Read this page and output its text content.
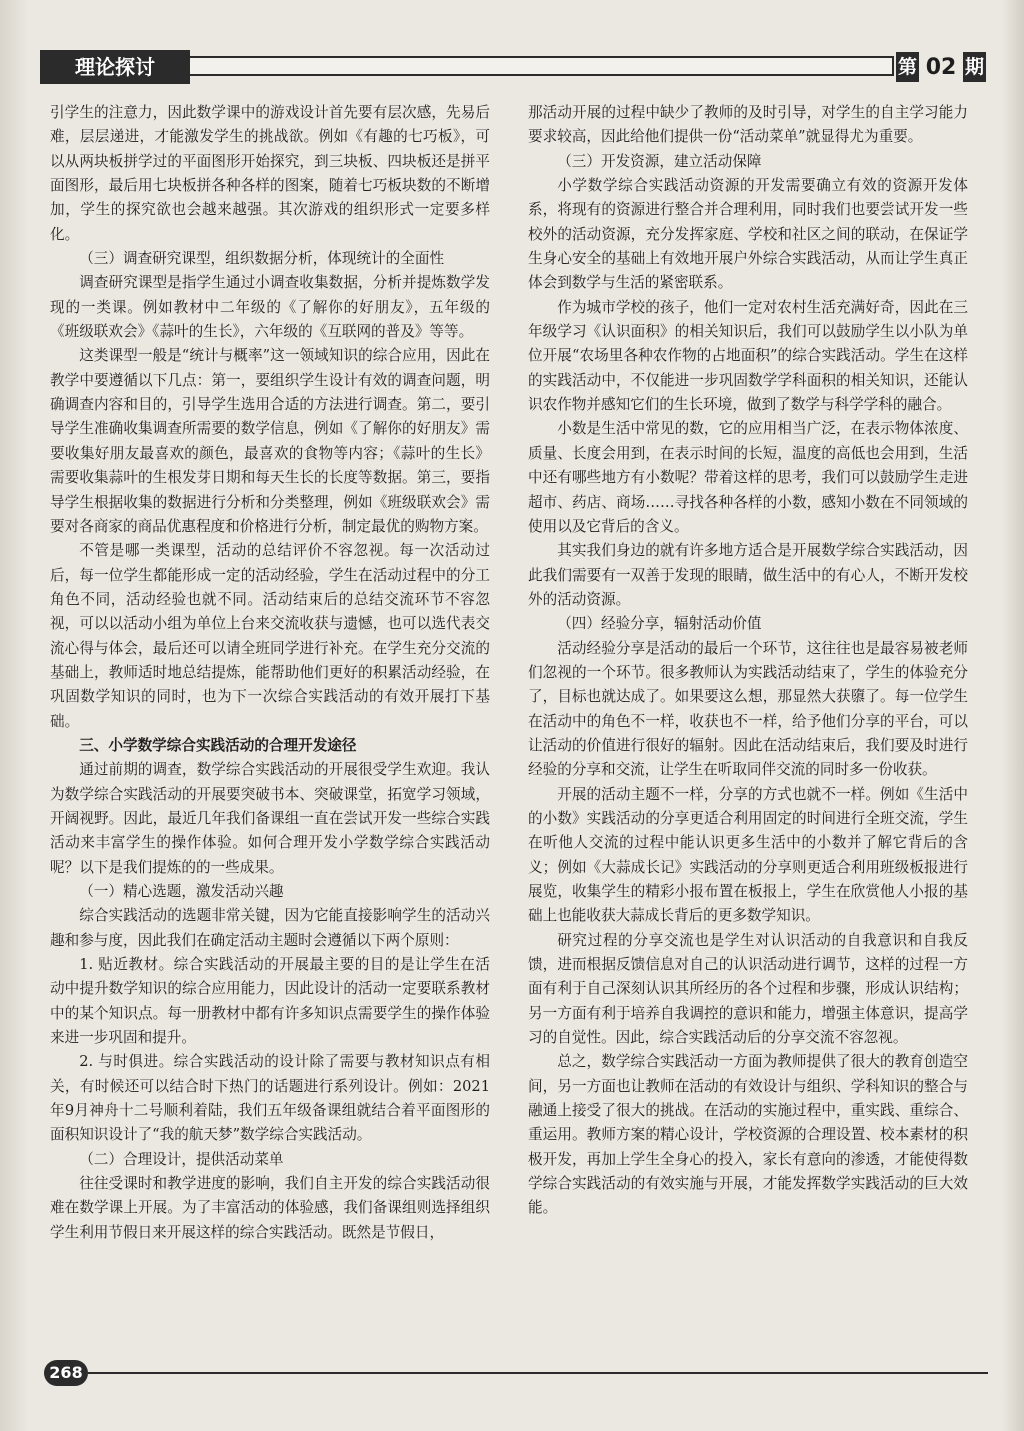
理论探讨	第 02 期

引学生的注意力，因此数学课中的游戏设计首先要有层次感，先易后难，层层递进，才能激发学生的挑战欲。例如《有趣的七巧板》，可以从两块板拼学过的平面图形开始探究，到三块板、四块板还是拼平面图形，最后用七块板拼各种各样的图案，随着七巧板块数的不断增加，学生的探究欲也会越来越强。其次游戏的组织形式一定要多样化。

（三）调查研究课型，组织数据分析，体现统计的全面性

调查研究课型是指学生通过小调查收集数据，分析并提炼数学发现的一类课。例如教材中二年级的《了解你的好朋友》，五年级的《班级联欢会》《蒜叶的生长》，六年级的《互联网的普及》等等。

这类课型一般是“统计与概率”这一领域知识的综合应用，因此在教学中要遵循以下几点：第一，要组织学生设计有效的调查问题，明确调查内容和目的，引导学生选用合适的方法进行调查。第二，要引导学生准确收集调查所需要的数学信息，例如《了解你的好朋友》需要收集好朋友最喜欢的颜色，最喜欢的食物等内容；《蒜叶的生长》需要收集蒜叶的生根发芽日期和每天生长的长度等数据。第三，要指导学生根据收集的数据进行分析和分类整理，例如《班级联欢会》需要对各商家的商品优惠程度和价格进行分析，制定最优的购物方案。

不管是哪一类课型，活动的总结评价不容忽视。每一次活动过后，每一位学生都能形成一定的活动经验，学生在活动过程中的分工角色不同，活动经验也就不同。活动结束后的总结交流环节不容忽视，可以以活动小组为单位上台来交流收获与遗憾，也可以选代表交流心得与体会，最后还可以请全班同学进行补充。在学生充分交流的基础上，教师适时地总结提炼，能帮助他们更好的积累活动经验，在巩固数学知识的同时，也为下一次综合实践活动的有效开展打下基础。

三、小学数学综合实践活动的合理开发途径

通过前期的调查，数学综合实践活动的开展很受学生欢迎。我认为数学综合实践活动的开展要突破书本、突破课堂，拓宽学习领域，开阔视野。因此，最近几年我们备课组一直在尝试开发一些综合实践活动来丰富学生的操作体验。如何合理开发小学数学综合实践活动呢？以下是我们提炼的的一些成果。

（一）精心选题，激发活动兴趣

综合实践活动的选题非常关键，因为它能直接影响学生的活动兴趣和参与度，因此我们在确定活动主题时会遵循以下两个原则：

1. 贴近教材。综合实践活动的开展最主要的目的是让学生在活动中提升数学知识的综合应用能力，因此设计的活动一定要联系教材中的某个知识点。每一册教材中都有许多知识点需要学生的操作体验来进一步巩固和提升。

2. 与时俱进。综合实践活动的设计除了需要与教材知识点有相关，有时候还可以结合时下热门的话题进行系列设计。例如：2021年9月神舟十二号顺利着陆，我们五年级备课组就结合着平面图形的面积知识设计了“我的航天梦”数学综合实践活动。

（二）合理设计，提供活动菜单

往往受课时和教学进度的影响，我们自主开发的综合实践活动很难在数学课上开展。为了丰富活动的体验感，我们备课组则选择组织学生利用节假日来开展这样的综合实践活动。既然是节假日，

那活动开展的过程中缺少了教师的及时引导，对学生的自主学习能力要求较高，因此给他们提供一份“活动菜单”就显得尤为重要。

（三）开发资源，建立活动保障

小学数学综合实践活动资源的开发需要确立有效的资源开发体系，将现有的资源进行整合并合理利用，同时我们也要尝试开发一些校外的活动资源，充分发挥家庭、学校和社区之间的联动，在保证学生身心安全的基础上有效地开展户外综合实践活动，从而让学生真正体会到数学与生活的紧密联系。

作为城市学校的孩子，他们一定对农村生活充满好奇，因此在三年级学习《认识面积》的相关知识后，我们可以鼓励学生以小队为单位开展“农场里各种农作物的占地面积”的综合实践活动。学生在这样的实践活动中，不仅能进一步巩固数学学科面积的相关知识，还能认识农作物并感知它们的生长环境，做到了数学与科学学科的融合。

小数是生活中常见的数，它的应用相当广泛，在表示物体浓度、质量、长度会用到，在表示时间的长短，温度的高低也会用到，生活中还有哪些地方有小数呢？带着这样的思考，我们可以鼓励学生走进超市、药店、商场……寻找各种各样的小数，感知小数在不同领域的使用以及它背后的含义。

其实我们身边的就有许多地方适合是开展数学综合实践活动，因此我们需要有一双善于发现的眼睛，做生活中的有心人，不断开发校外的活动资源。

（四）经验分享，辐射活动价值

活动经验分享是活动的最后一个环节，这往往也是最容易被老师们忽视的一个环节。很多教师认为实践活动结束了，学生的体验充分了，目标也就达成了。如果要这么想，那显然大获隳了。每一位学生在活动中的角色不一样，收获也不一样，给予他们分享的平台，可以让活动的价值进行很好的辐射。因此在活动结束后，我们要及时进行经验的分享和交流，让学生在听取同伴交流的同时多一份收获。

开展的活动主题不一样，分享的方式也就不一样。例如《生活中的小数》实践活动的分享更适合利用固定的时间进行全班交流，学生在听他人交流的过程中能认识更多生活中的小数并了解它背后的含义；例如《大蒜成长记》实践活动的分享则更适合利用班级板报进行展览，收集学生的精彩小报布置在板报上，学生在欣赏他人小报的基础上也能收获大蒜成长背后的更多数学知识。

研究过程的分享交流也是学生对认识活动的自我意识和自我反馈，进而根据反馈信息对自己的认识活动进行调节，这样的过程一方面有利于自己深刻认识其所经历的各个过程和步骤，形成认识结构；另一方面有利于培养自我调控的意识和能力，增强主体意识，提高学习的自觉性。因此，综合实践活动后的分享交流不容忽视。

总之，数学综合实践活动一方面为教师提供了很大的教育创造空间，另一方面也让教师在活动的有效设计与组织、学科知识的整合与融通上接受了很大的挑战。在活动的实施过程中，重实践、重综合、重运用。教师方案的精心设计，学校资源的合理设置、校本素材的积极开发，再加上学生全身心的投入，家长有意向的渗透，才能使得数学综合实践活动的有效实施与开展，才能发挥数学实践活动的巨大效能。

268
